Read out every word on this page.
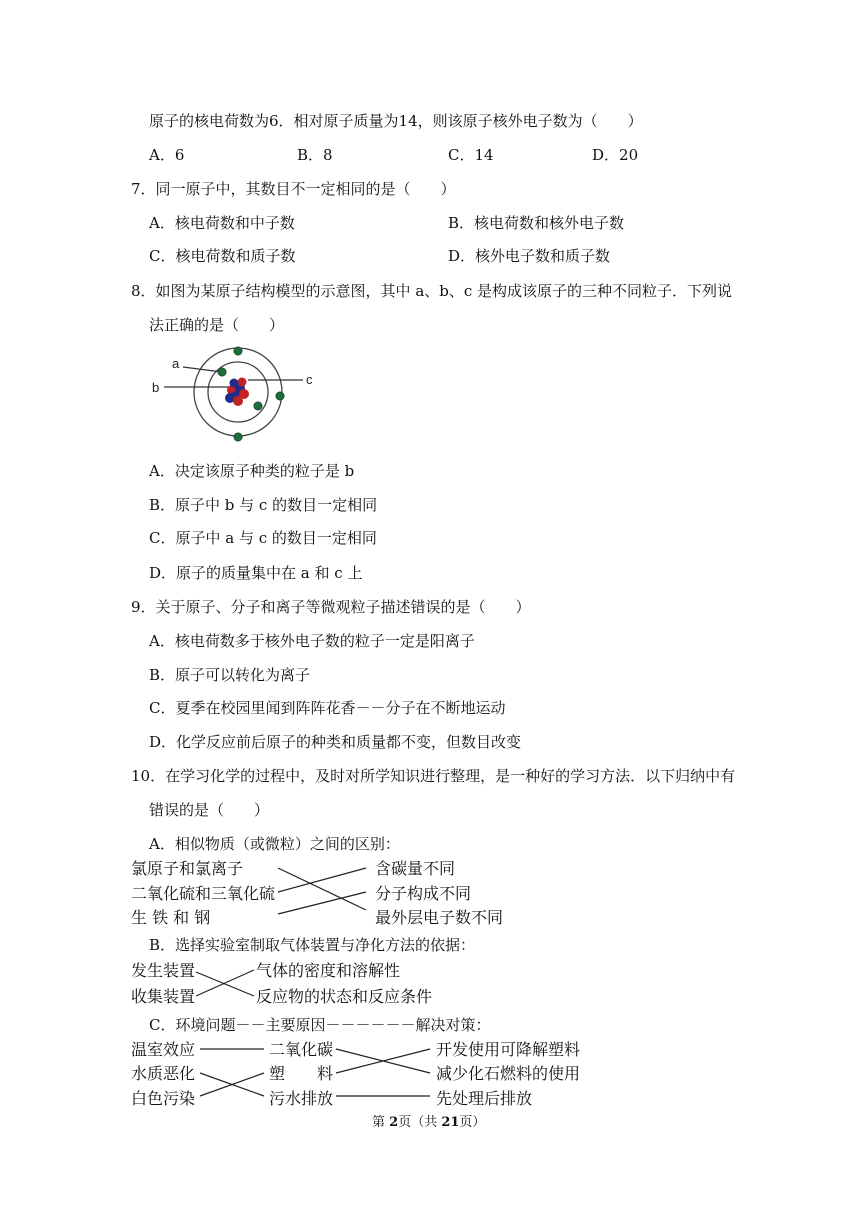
原子的核电荷数为6．相对原子质量为14，则该原子核外电子数为（　　）
A．6	B．8	C．14	D．20
7．同一原子中，其数目不一定相同的是（　　）
A．核电荷数和中子数	B．核电荷数和核外电子数
C．核电荷数和质子数	D．核外电子数和质子数
8．如图为某原子结构模型的示意图，其中 a、b、c 是构成该原子的三种不同粒子．下列说
法正确的是（　　）
a
b
c
A．决定该原子种类的粒子是 b
B．原子中 b 与 c 的数目一定相同
C．原子中 a 与 c 的数目一定相同
D．原子的质量集中在 a 和 c 上
9．关于原子、分子和离子等微观粒子描述错误的是（　　）
A．核电荷数多于核外电子数的粒子一定是阳离子
B．原子可以转化为离子
C．夏季在校园里闻到阵阵花香－－分子在不断地运动
D．化学反应前后原子的种类和质量都不变，但数目改变
10．在学习化学的过程中，及时对所学知识进行整理，是一种好的学习方法．以下归纳中有
错误的是（　　）
A．相似物质（或微粒）之间的区别：
氯原子和氯离子
二氧化硫和三氧化硫
生 铁 和 钢
含碳量不同
分子构成不同
最外层电子数不同
B．选择实验室制取气体装置与净化方法的依据：
发生装置
收集装置
气体的密度和溶解性
反应物的状态和反应条件
C．环境问题－－主要原因－－－－－－解决对策：
温室效应
水质恶化
白色污染
二氧化碳
塑　　料
污水排放
开发使用可降解塑料
减少化石燃料的使用
先处理后排放
第 2页（共 21页）
